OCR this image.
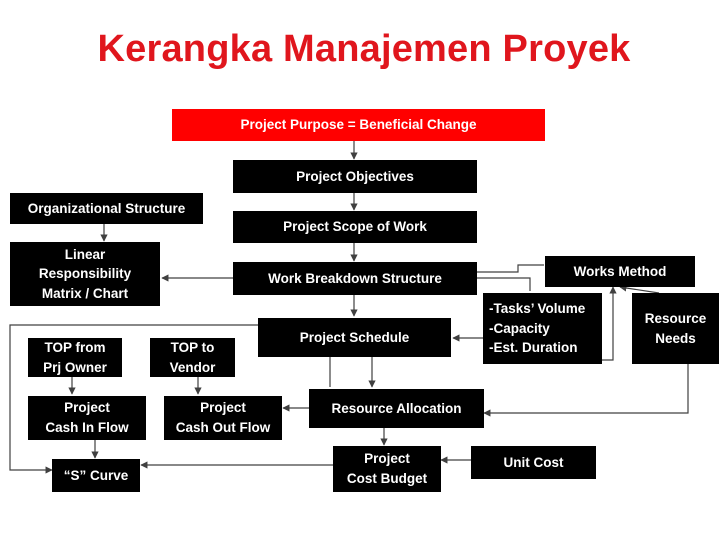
Kerangka Manajemen Proyek
Project Purpose = Beneficial Change
Project Objectives
Organizational Structure
Project Scope of Work
Linear
Responsibility
Matrix / Chart
Work Breakdown Structure	Works Method
-Tasks’ Volume
-Capacity
-Est. Duration
Resource
Needs
Project Schedule
TOP from
Prj Owner
TOP to
Vendor
Project
Cash In Flow
Project
Cash Out Flow
Resource Allocation
“S” Curve
Project
Cost Budget
Unit Cost
